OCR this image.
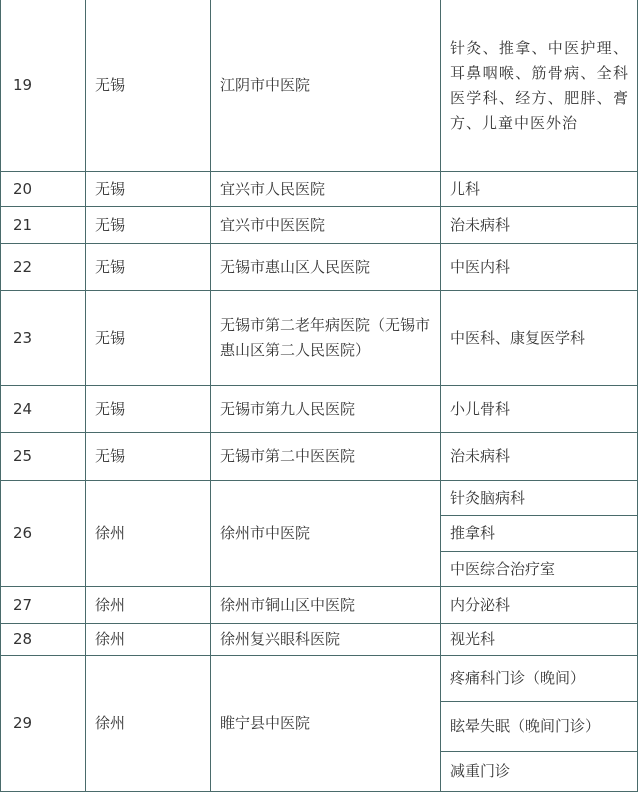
19	无锡	江阴市中医院	针灸、推拿、中医护理、耳鼻咽喉、筋骨病、全科医学科、经方、肥胖、膏方、儿童中医外治
20	无锡	宜兴市人民医院	儿科
21	无锡	宜兴市中医医院	治未病科
22	无锡	无锡市惠山区人民医院	中医内科
23	无锡	无锡市第二老年病医院（无锡市惠山区第二人民医院）	中医科、康复医学科
24	无锡	无锡市第九人民医院	小儿骨科
25	无锡	无锡市第二中医医院	治未病科
26	徐州	徐州市中医院	针灸脑病科
			推拿科
			中医综合治疗室
27	徐州	徐州市铜山区中医院	内分泌科
28	徐州	徐州复兴眼科医院	视光科
29	徐州	睢宁县中医院	疼痛科门诊（晚间）
			眩晕失眠（晚间门诊）
			减重门诊
